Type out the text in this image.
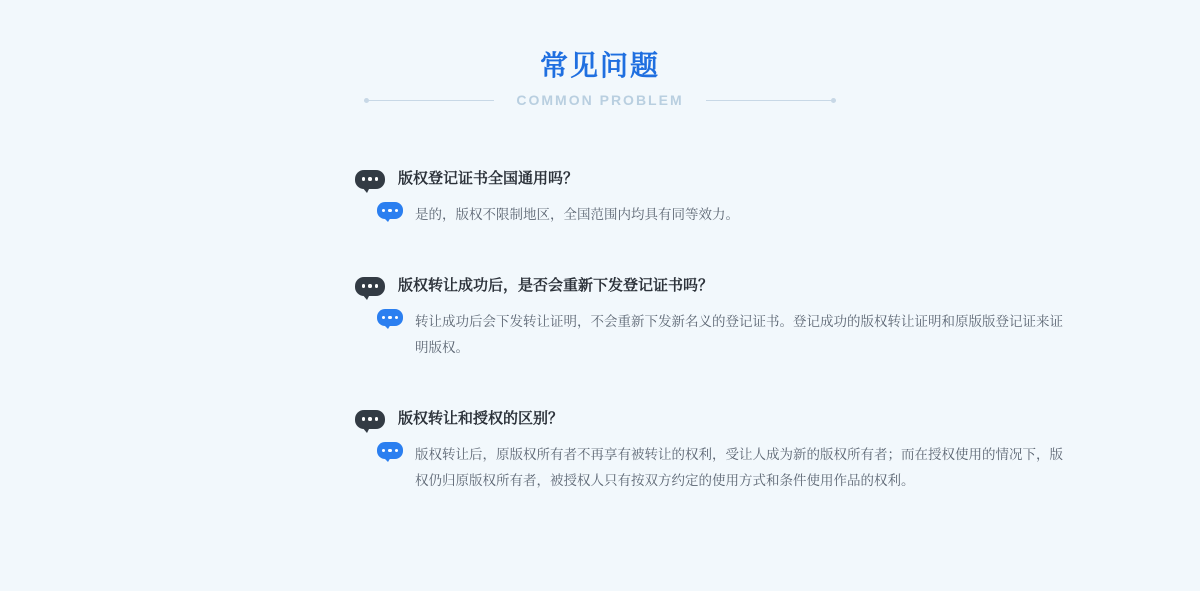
常见问题
COMMON PROBLEM
版权登记证书全国通用吗？
是的，版权不限制地区，全国范围内均具有同等效力。
版权转让成功后，是否会重新下发登记证书吗？
转让成功后会下发转让证明，不会重新下发新名义的登记证书。登记成功的版权转让证明和原版版登记证来证明版权。
版权转让和授权的区别？
版权转让后，原版权所有者不再享有被转让的权利，受让人成为新的版权所有者；而在授权使用的情况下，版权仍归原版权所有者，被授权人只有按双方约定的使用方式和条件使用作品的权利。
